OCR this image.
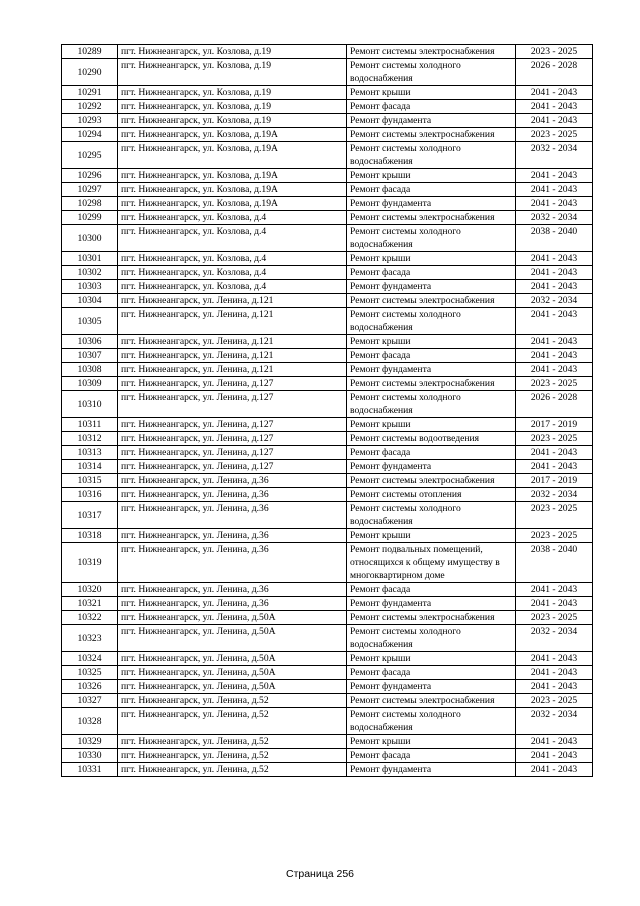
10289	пгт. Нижнеангарск, ул. Козлова, д.19	Ремонт системы электроснабжения	2023 - 2025
10290	пгт. Нижнеангарск, ул. Козлова, д.19	Ремонт системы холодного водоснабжения	2026 - 2028
10291	пгт. Нижнеангарск, ул. Козлова, д.19	Ремонт крыши	2041 - 2043
10292	пгт. Нижнеангарск, ул. Козлова, д.19	Ремонт фасада	2041 - 2043
10293	пгт. Нижнеангарск, ул. Козлова, д.19	Ремонт фундамента	2041 - 2043
10294	пгт. Нижнеангарск, ул. Козлова, д.19А	Ремонт системы электроснабжения	2023 - 2025
10295	пгт. Нижнеангарск, ул. Козлова, д.19А	Ремонт системы холодного водоснабжения	2032 - 2034
10296	пгт. Нижнеангарск, ул. Козлова, д.19А	Ремонт крыши	2041 - 2043
10297	пгт. Нижнеангарск, ул. Козлова, д.19А	Ремонт фасада	2041 - 2043
10298	пгт. Нижнеангарск, ул. Козлова, д.19А	Ремонт фундамента	2041 - 2043
10299	пгт. Нижнеангарск, ул. Козлова, д.4	Ремонт системы электроснабжения	2032 - 2034
10300	пгт. Нижнеангарск, ул. Козлова, д.4	Ремонт системы холодного водоснабжения	2038 - 2040
10301	пгт. Нижнеангарск, ул. Козлова, д.4	Ремонт крыши	2041 - 2043
10302	пгт. Нижнеангарск, ул. Козлова, д.4	Ремонт фасада	2041 - 2043
10303	пгт. Нижнеангарск, ул. Козлова, д.4	Ремонт фундамента	2041 - 2043
10304	пгт. Нижнеангарск, ул. Ленина, д.121	Ремонт системы электроснабжения	2032 - 2034
10305	пгт. Нижнеангарск, ул. Ленина, д.121	Ремонт системы холодного водоснабжения	2041 - 2043
10306	пгт. Нижнеангарск, ул. Ленина, д.121	Ремонт крыши	2041 - 2043
10307	пгт. Нижнеангарск, ул. Ленина, д.121	Ремонт фасада	2041 - 2043
10308	пгт. Нижнеангарск, ул. Ленина, д.121	Ремонт фундамента	2041 - 2043
10309	пгт. Нижнеангарск, ул. Ленина, д.127	Ремонт системы электроснабжения	2023 - 2025
10310	пгт. Нижнеангарск, ул. Ленина, д.127	Ремонт системы холодного водоснабжения	2026 - 2028
10311	пгт. Нижнеангарск, ул. Ленина, д.127	Ремонт крыши	2017 - 2019
10312	пгт. Нижнеангарск, ул. Ленина, д.127	Ремонт системы водоотведения	2023 - 2025
10313	пгт. Нижнеангарск, ул. Ленина, д.127	Ремонт фасада	2041 - 2043
10314	пгт. Нижнеангарск, ул. Ленина, д.127	Ремонт фундамента	2041 - 2043
10315	пгт. Нижнеангарск, ул. Ленина, д.36	Ремонт системы электроснабжения	2017 - 2019
10316	пгт. Нижнеангарск, ул. Ленина, д.36	Ремонт системы отопления	2032 - 2034
10317	пгт. Нижнеангарск, ул. Ленина, д.36	Ремонт системы холодного водоснабжения	2023 - 2025
10318	пгт. Нижнеангарск, ул. Ленина, д.36	Ремонт крыши	2023 - 2025
10319	пгт. Нижнеангарск, ул. Ленина, д.36	Ремонт подвальных помещений, относящихся к общему имуществу в многоквартирном доме	2038 - 2040
10320	пгт. Нижнеангарск, ул. Ленина, д.36	Ремонт фасада	2041 - 2043
10321	пгт. Нижнеангарск, ул. Ленина, д.36	Ремонт фундамента	2041 - 2043
10322	пгт. Нижнеангарск, ул. Ленина, д.50А	Ремонт системы электроснабжения	2023 - 2025
10323	пгт. Нижнеангарск, ул. Ленина, д.50А	Ремонт системы холодного водоснабжения	2032 - 2034
10324	пгт. Нижнеангарск, ул. Ленина, д.50А	Ремонт крыши	2041 - 2043
10325	пгт. Нижнеангарск, ул. Ленина, д.50А	Ремонт фасада	2041 - 2043
10326	пгт. Нижнеангарск, ул. Ленина, д.50А	Ремонт фундамента	2041 - 2043
10327	пгт. Нижнеангарск, ул. Ленина, д.52	Ремонт системы электроснабжения	2023 - 2025
10328	пгт. Нижнеангарск, ул. Ленина, д.52	Ремонт системы холодного водоснабжения	2032 - 2034
10329	пгт. Нижнеангарск, ул. Ленина, д.52	Ремонт крыши	2041 - 2043
10330	пгт. Нижнеангарск, ул. Ленина, д.52	Ремонт фасада	2041 - 2043
10331	пгт. Нижнеангарск, ул. Ленина, д.52	Ремонт фундамента	2041 - 2043
Страница 256
